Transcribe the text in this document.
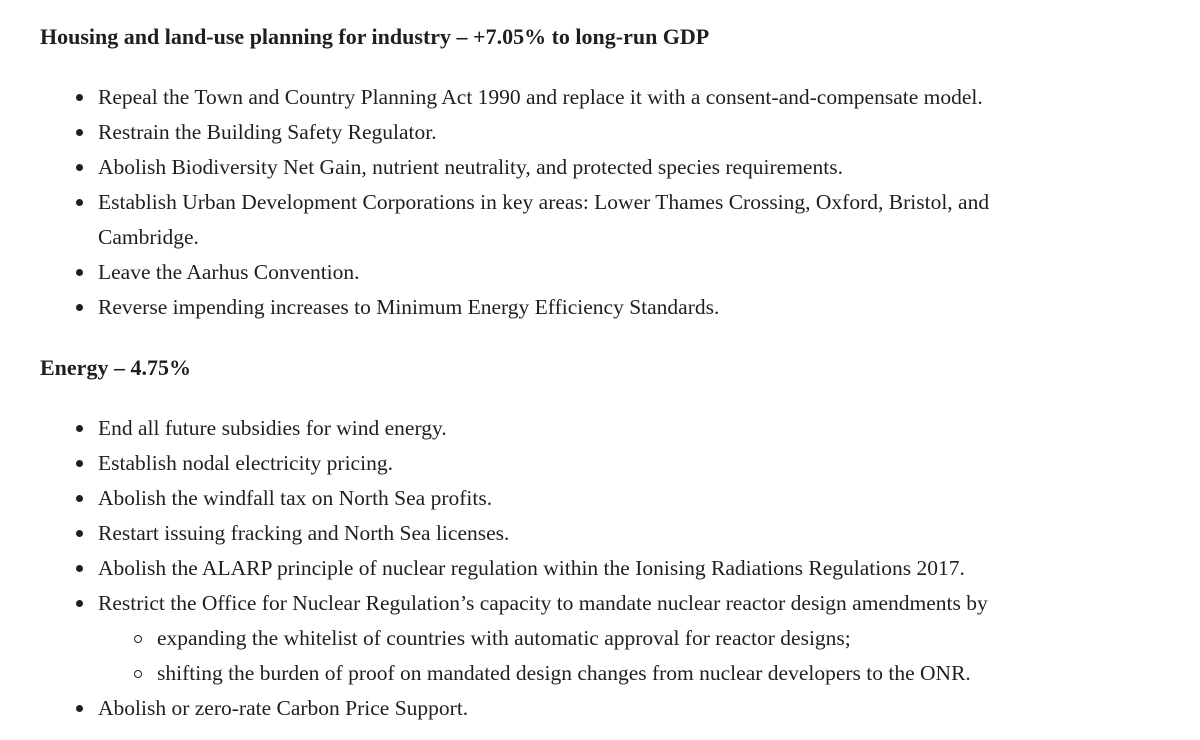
Housing and land-use planning for industry – +7.05% to long-run GDP
Repeal the Town and Country Planning Act 1990 and replace it with a consent-and-compensate model.
Restrain the Building Safety Regulator.
Abolish Biodiversity Net Gain, nutrient neutrality, and protected species requirements.
Establish Urban Development Corporations in key areas: Lower Thames Crossing, Oxford, Bristol, and Cambridge.
Leave the Aarhus Convention.
Reverse impending increases to Minimum Energy Efficiency Standards.
Energy – 4.75%
End all future subsidies for wind energy.
Establish nodal electricity pricing.
Abolish the windfall tax on North Sea profits.
Restart issuing fracking and North Sea licenses.
Abolish the ALARP principle of nuclear regulation within the Ionising Radiations Regulations 2017.
Restrict the Office for Nuclear Regulation’s capacity to mandate nuclear reactor design amendments by
expanding the whitelist of countries with automatic approval for reactor designs;
shifting the burden of proof on mandated design changes from nuclear developers to the ONR.
Abolish or zero-rate Carbon Price Support.
